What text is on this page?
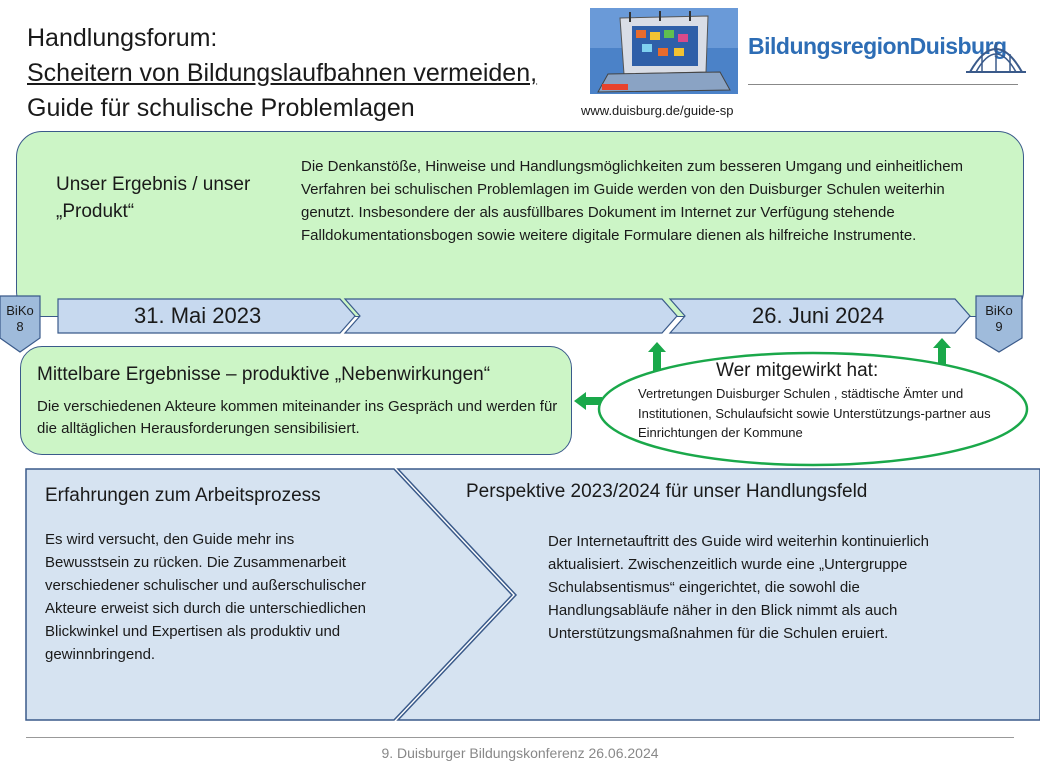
Handlungsforum:
Scheitern von Bildungslaufbahnen vermeiden,
Guide für schulische Problemlagen
BildungsregionDuisburg
www.duisburg.de/guide-sp
Unser Ergebnis / unser „Produkt“
Die Denkanstöße, Hinweise und Handlungsmöglichkeiten zum besseren Umgang und einheitlichem Verfahren bei schulischen Problemlagen im Guide werden von den Duisburger Schulen weiterhin genutzt. Insbesondere der als ausfüllbares Dokument im Internet zur Verfügung stehende Falldokumentationsbogen sowie weitere digitale Formulare dienen als hilfreiche Instrumente.
31. Mai 2023	26. Juni 2024
BiKo
8
BiKo
9
Mittelbare Ergebnisse – produktive „Nebenwirkungen“
Die verschiedenen Akteure kommen miteinander ins Gespräch und werden für die alltäglichen Herausforderungen sensibilisiert.
Wer mitgewirkt hat:
Vertretungen Duisburger Schulen , städtische Ämter und Institutionen, Schulaufsicht sowie Unterstützungs-partner aus Einrichtungen der Kommune
Erfahrungen zum Arbeitsprozess
Es wird versucht, den Guide mehr ins Bewusstsein zu rücken. Die Zusammenarbeit verschiedener schulischer und außerschulischer Akteure erweist sich durch die unterschiedlichen Blickwinkel und Expertisen als produktiv und gewinnbringend.
Perspektive 2023/2024 für unser Handlungsfeld
Der Internetauftritt des Guide wird weiterhin kontinuierlich aktualisiert. Zwischenzeitlich wurde eine „Untergruppe Schulabsentismus“ eingerichtet, die sowohl die Handlungsabläufe näher in den Blick nimmt als auch Unterstützungsmaßnahmen für die Schulen eruiert.
9. Duisburger Bildungskonferenz 26.06.2024
